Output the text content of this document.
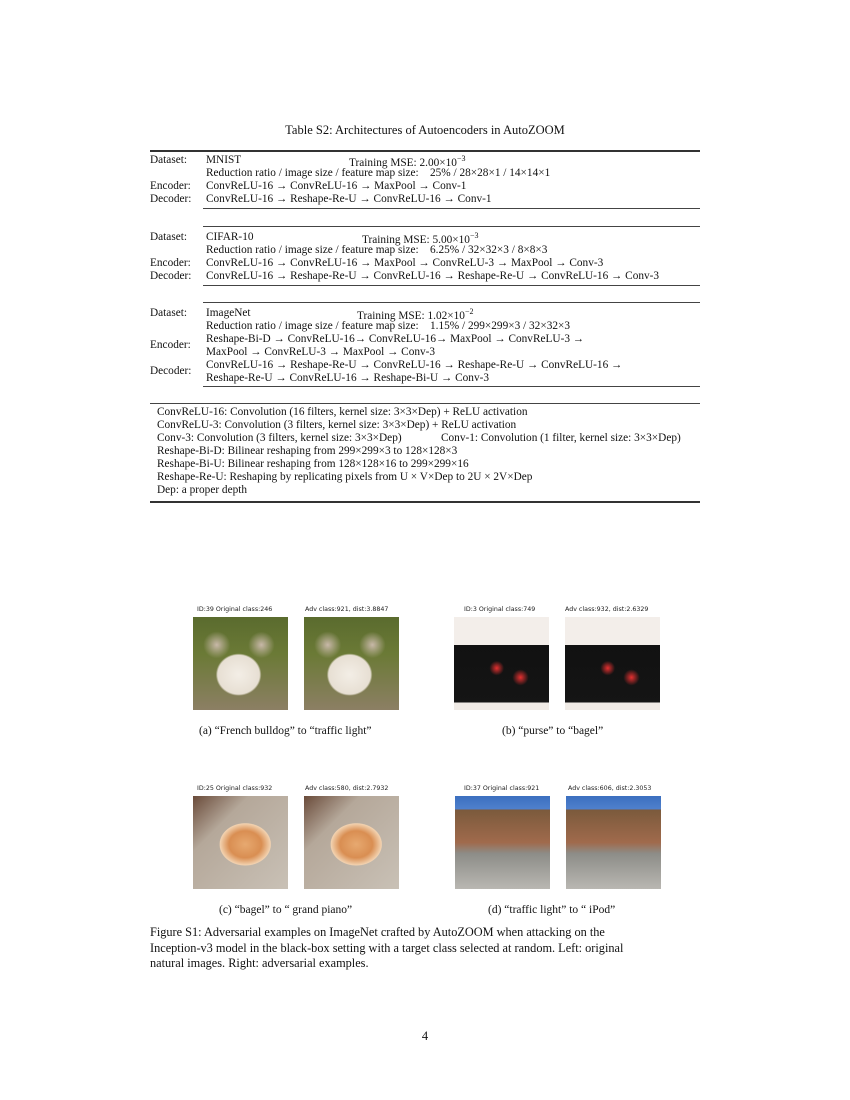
Table S2: Architectures of Autoencoders in AutoZOOM
Dataset: MNIST	Training MSE: $2.00\times 10^{-3}$
Reduction ratio / image size / feature map size: 25% / 28×28×1 / 14×14×1
Encoder: ConvReLU-16 → ConvReLU-16 → MaxPool → Conv-1
Decoder: ConvReLU-16 → Reshape-Re-U → ConvReLU-16 → Conv-1
Dataset: CIFAR-10	Training MSE: $5.00\times 10^{-3}$
Reduction ratio / image size / feature map size: 6.25% / 32×32×3 / 8×8×3
Encoder: ConvReLU-16 → ConvReLU-16 → MaxPool → ConvReLU-3 → MaxPool → Conv-3
Decoder: ConvReLU-16 → Reshape-Re-U → ConvReLU-16 → Reshape-Re-U → ConvReLU-16 → Conv-3
Dataset: ImageNet	Training MSE: $1.02\times 10^{-2}$
Reduction ratio / image size / feature map size: 1.15% / 299×299×3 / 32×32×3
Encoder: Reshape-Bi-D → ConvReLU-16→ ConvReLU-16→ MaxPool → ConvReLU-3 →
MaxPool → ConvReLU-3 → MaxPool → Conv-3
Decoder: ConvReLU-16 → Reshape-Re-U → ConvReLU-16 → Reshape-Re-U → ConvReLU-16 →
Reshape-Re-U → ConvReLU-16 → Reshape-Bi-U → Conv-3
ConvReLU-16: Convolution (16 filters, kernel size: 3×3×Dep) + ReLU activation
ConvReLU-3: Convolution (3 filters, kernel size: 3×3×Dep) + ReLU activation
Conv-3: Convolution (3 filters, kernel size: 3×3×Dep)	Conv-1: Convolution (1 filter, kernel size: 3×3×Dep)
Reshape-Bi-D: Bilinear reshaping from 299×299×3 to 128×128×3
Reshape-Bi-U: Bilinear reshaping from 128×128×16 to 299×299×16
Reshape-Re-U: Reshaping by replicating pixels from U × V×Dep to 2U × 2V×Dep
Dep: a proper depth
ID:39 Original class:246	Adv class:921, dist:3.8847
(a) “French bulldog” to “traffic light”
ID:3 Original class:749	Adv class:932, dist:2.6329
(b) “purse” to “bagel”
ID:25 Original class:932	Adv class:580, dist:2.7932
(c) “bagel” to “ grand piano”
ID:37 Original class:921	Adv class:606, dist:2.3053
(d) “traffic light” to “ iPod”
Figure S1: Adversarial examples on ImageNet crafted by AutoZOOM when attacking on the
Inception-v3 model in the black-box setting with a target class selected at random. Left: original
natural images. Right: adversarial examples.
4
